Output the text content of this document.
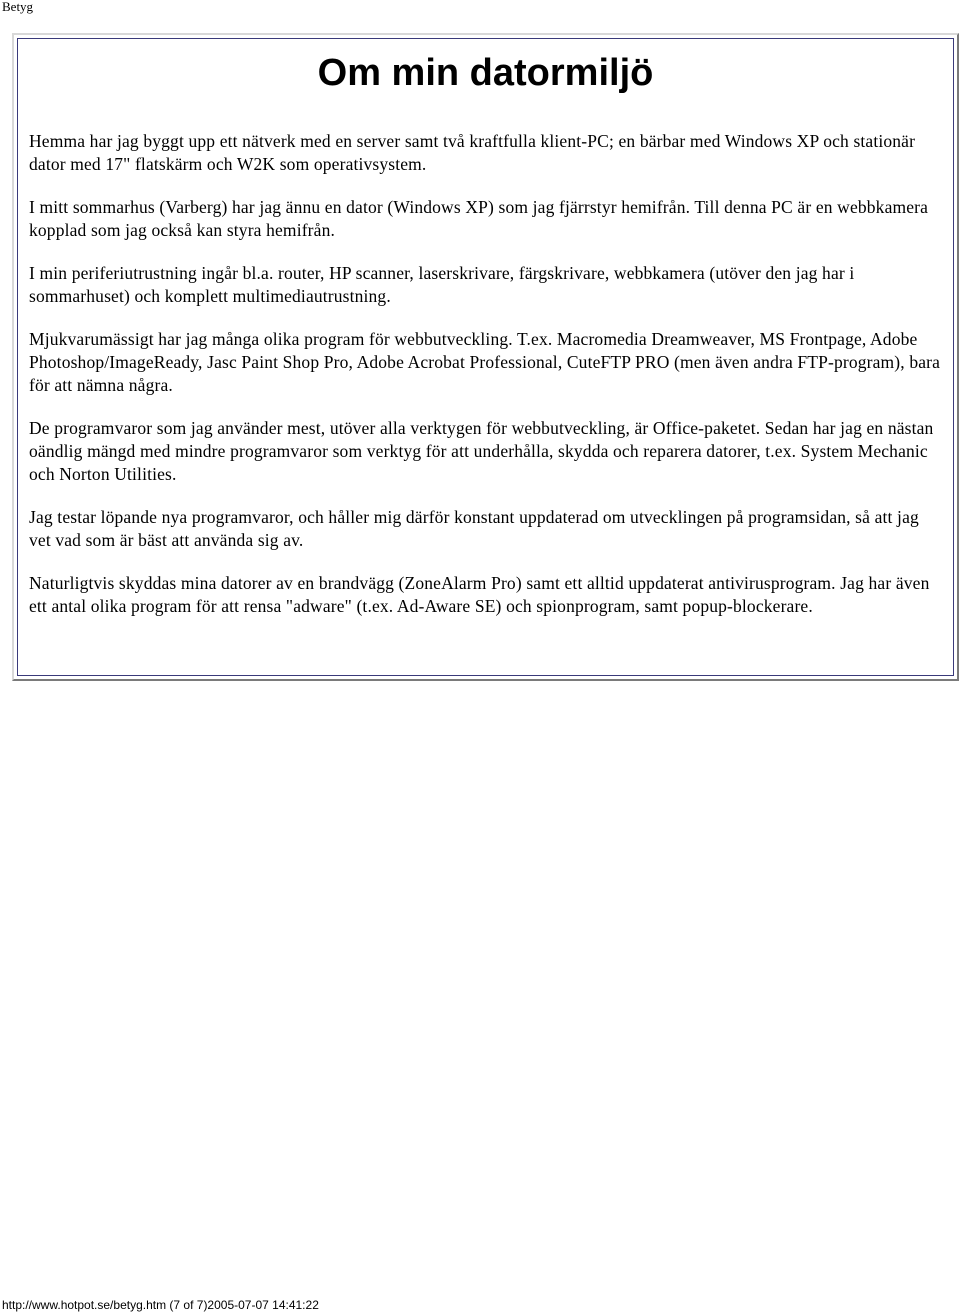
Betyg
Om min datormiljö

Hemma har jag byggt upp ett nätverk med en server samt två kraftfulla klient-PC; en bärbar med Windows XP och stationär dator med 17" flatskärm och W2K som operativsystem.

I mitt sommarhus (Varberg) har jag ännu en dator (Windows XP) som jag fjärrstyr hemifrån. Till denna PC är en webbkamera kopplad som jag också kan styra hemifrån.

I min periferiutrustning ingår bl.a. router, HP scanner, laserskrivare, färgskrivare, webbkamera (utöver den jag har i sommarhuset) och komplett multimediautrustning.

Mjukvarumässigt har jag många olika program för webbutveckling. T.ex. Macromedia Dreamweaver, MS Frontpage, Adobe Photoshop/ImageReady, Jasc Paint Shop Pro, Adobe Acrobat Professional, CuteFTP PRO (men även andra FTP-program), bara för att nämna några.

De programvaror som jag använder mest, utöver alla verktygen för webbutveckling, är Office-paketet. Sedan har jag en nästan oändlig mängd med mindre programvaror som verktyg för att underhålla, skydda och reparera datorer, t.ex. System Mechanic och Norton Utilities.

Jag testar löpande nya programvaror, och håller mig därför konstant uppdaterad om utvecklingen på programsidan, så att jag vet vad som är bäst att använda sig av.

Naturligtvis skyddas mina datorer av en brandvägg (ZoneAlarm Pro) samt ett alltid uppdaterat antivirusprogram. Jag har även ett antal olika program för att rensa "adware" (t.ex. Ad-Aware SE) och spionprogram, samt popup-blockerare.

http://www.hotpot.se/betyg.htm (7 of 7)2005-07-07 14:41:22
